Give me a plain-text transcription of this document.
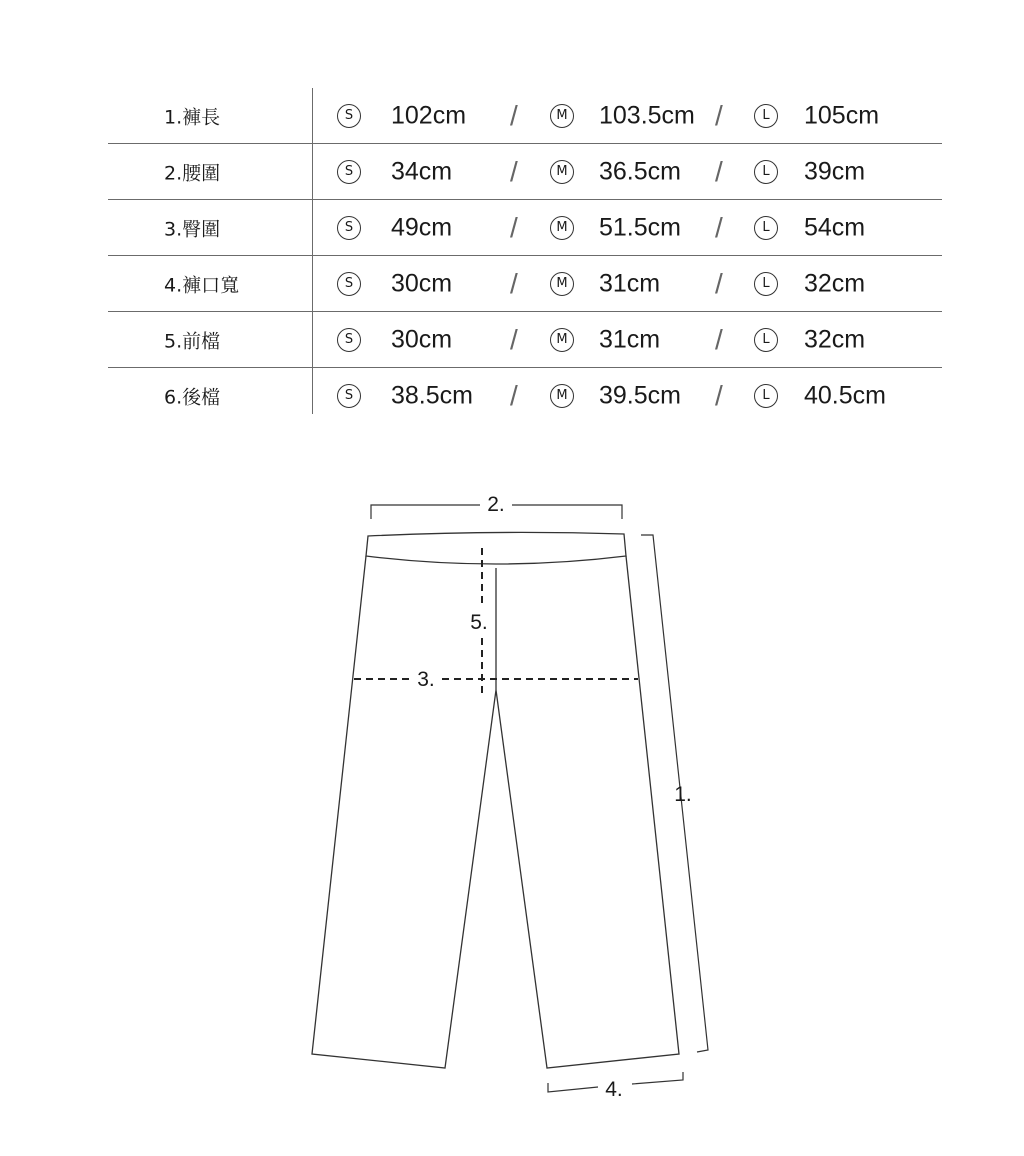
1.褲長	S	102cm /	M 103.5cm /	L	105cm
2.腰圍	S	34cm /	M 36.5cm /	L	39cm
3.臀圍	S	49cm /	M 51.5cm /	L	54cm
4.褲口寬	S	30cm /	M 31cm /	L	32cm
5.前檔	S	30cm /	M 31cm /	L	32cm
6.後檔	S	38.5cm /	M 39.5cm /	L	40.5cm
2.
1.
3.
5.
4.
